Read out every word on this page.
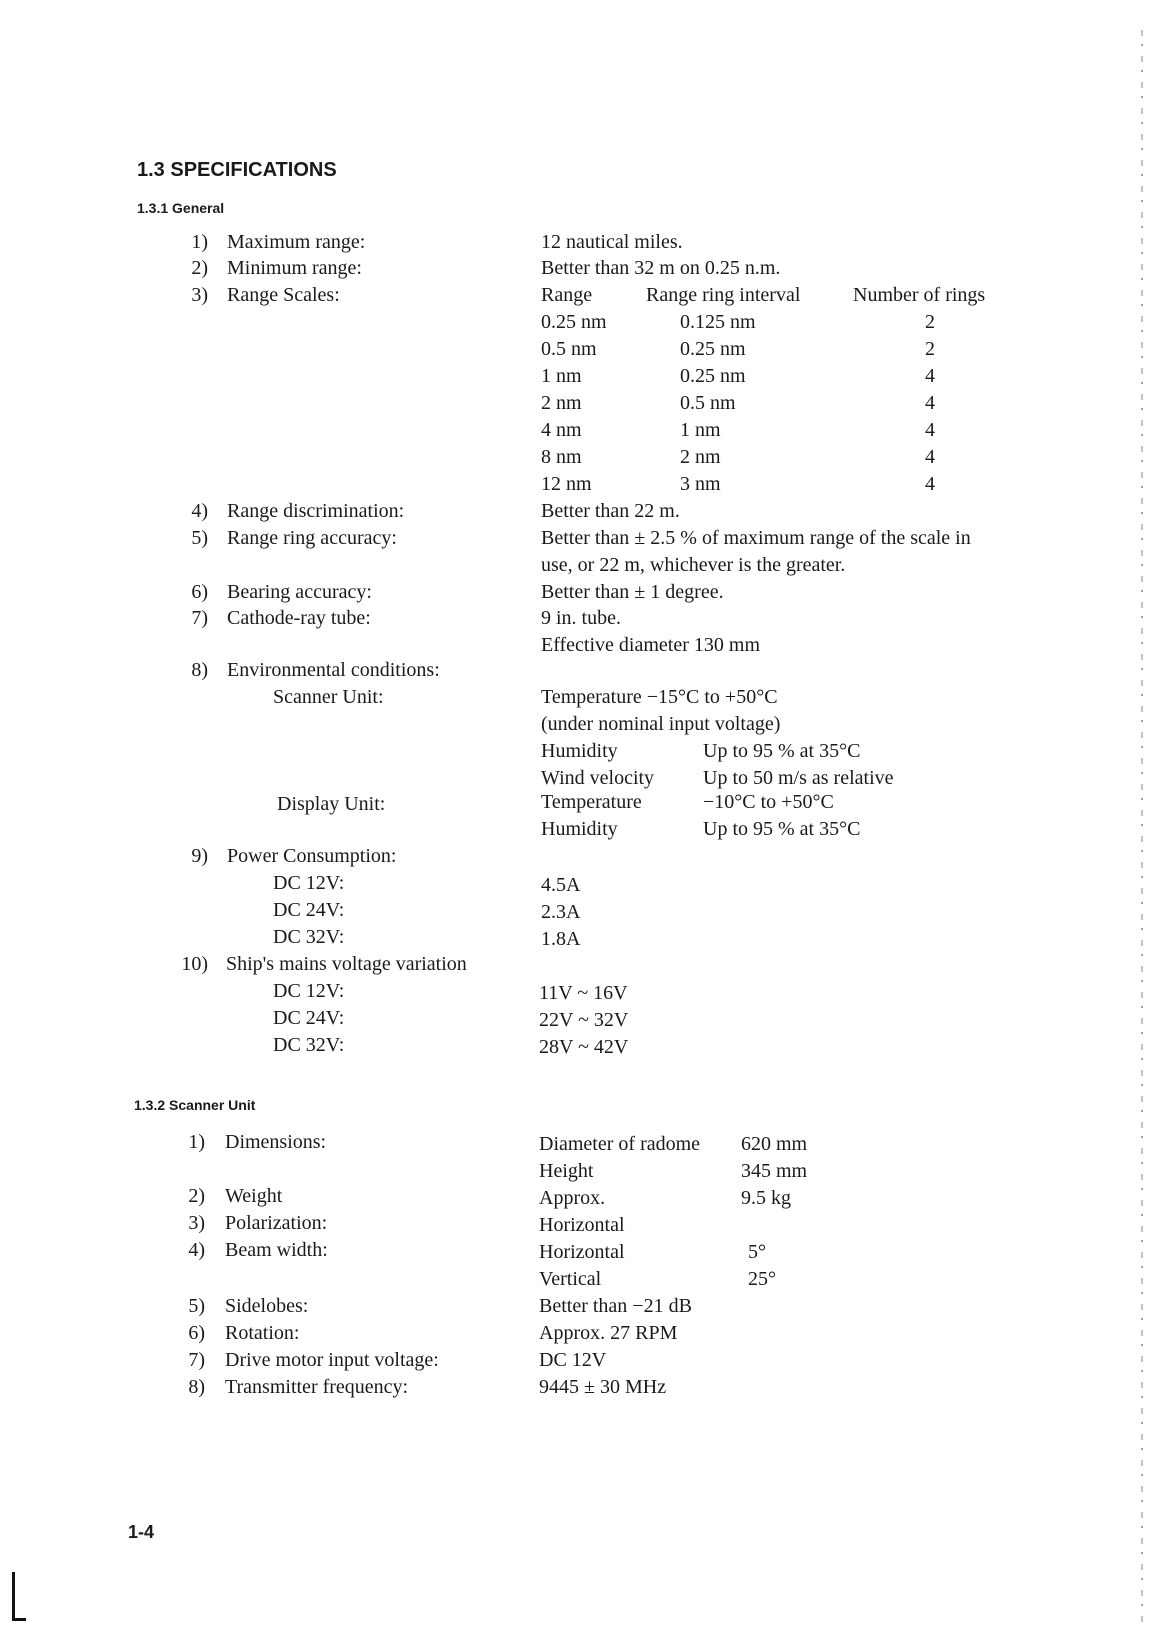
1.3 SPECIFICATIONS
1.3.1 General
1) Maximum range:	12 nautical miles.
2) Minimum range:	Better than 32 m on 0.25 n.m.
3) Range Scales:	Range	Range ring interval	Number of rings
0.25 nm	0.125 nm	2
0.5 nm	0.25 nm	2
1 nm	0.25 nm	4
2 nm	0.5 nm	4
4 nm	1 nm	4
8 nm	2 nm	4
12 nm	3 nm	4
4) Range discrimination:	Better than 22 m.
5) Range ring accuracy:	Better than ± 2.5 % of maximum range of the scale in
use, or 22 m, whichever is the greater.
6) Bearing accuracy:	Better than ± 1 degree.
7) Cathode-ray tube:	9 in. tube.
Effective diameter 130 mm
8) Environmental conditions:
Scanner Unit:	Temperature −15°C to +50°C
(under nominal input voltage)
Humidity	Up to 95 % at 35°C
Wind velocity Up to 50 m/s as relative
Display Unit:	Temperature	−10°C to +50°C
Humidity	Up to 95 % at 35°C
9) Power Consumption:
DC 12V:	4.5A
DC 24V:	2.3A
DC 32V:	1.8A
10) Ship's mains voltage variation
DC 12V:	11V ~ 16V
DC 24V:	22V ~ 32V
DC 32V:	28V ~ 42V
1.3.2 Scanner Unit
1) Dimensions:	Diameter of radome 620 mm
Height	345 mm
2) Weight	Approx.	9.5 kg
3) Polarization:	Horizontal
4) Beam width:	Horizontal	5°
Vertical	25°
5) Sidelobes:	Better than −21 dB
6) Rotation:	Approx. 27 RPM
7) Drive motor input voltage:	DC 12V
8) Transmitter frequency:	9445 ± 30 MHz
1-4
